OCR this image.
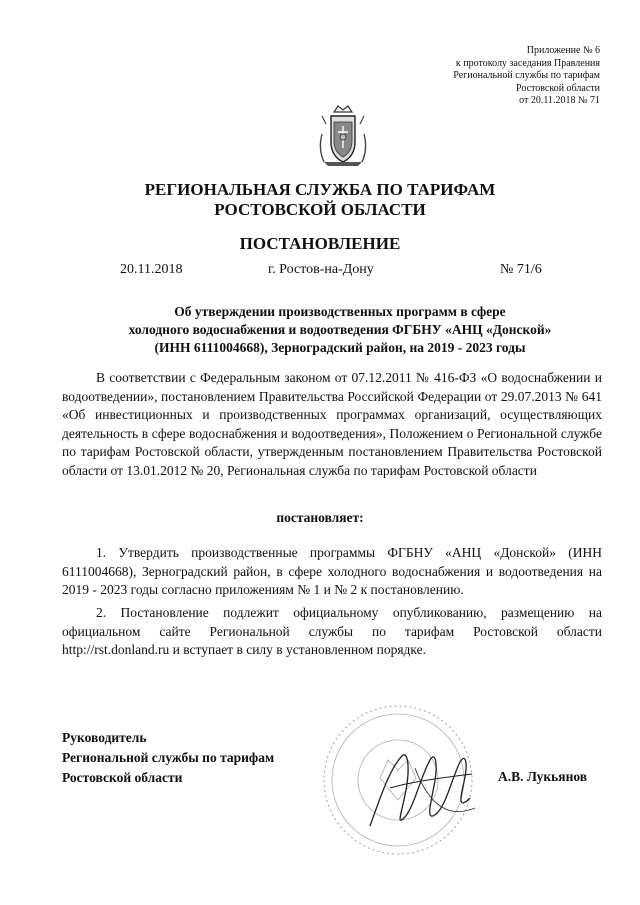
Приложение № 6
к протоколу заседания Правления
Региональной службы по тарифам
Ростовской области
от 20.11.2018 № 71
РЕГИОНАЛЬНАЯ СЛУЖБА ПО ТАРИФАМ
РОСТОВСКОЙ ОБЛАСТИ
ПОСТАНОВЛЕНИЕ
20.11.2018	г. Ростов-на-Дону	№ 71/6
Об утверждении производственных программ в сфере
холодного водоснабжения и водоотведения ФГБНУ «АНЦ «Донской»
(ИНН 6111004668), Зерноградский район, на 2019 - 2023 годы

В соответствии с Федеральным законом от 07.12.2011 № 416-ФЗ «О водоснабжении и водоотведении», постановлением Правительства Российской Федерации от 29.07.2013 № 641 «Об инвестиционных и производственных программах организаций, осуществляющих деятельность в сфере водоснабжения и водоотведения», Положением о Региональной службе по тарифам Ростовской области, утвержденным постановлением Правительства Ростовской области от 13.01.2012 № 20, Региональная служба по тарифам Ростовской области

постановляет:

1. Утвердить производственные программы ФГБНУ «АНЦ «Донской» (ИНН 6111004668), Зерноградский район, в сфере холодного водоснабжения и водоотведения на 2019 - 2023 годы согласно приложениям № 1 и № 2 к постановлению.

2. Постановление подлежит официальному опубликованию, размещению на официальном сайте Региональной службы по тарифам Ростовской области http://rst.donland.ru и вступает в силу в установленном порядке.

Руководитель
Региональной службы по тарифам
Ростовской области	А.В. Лукьянов
